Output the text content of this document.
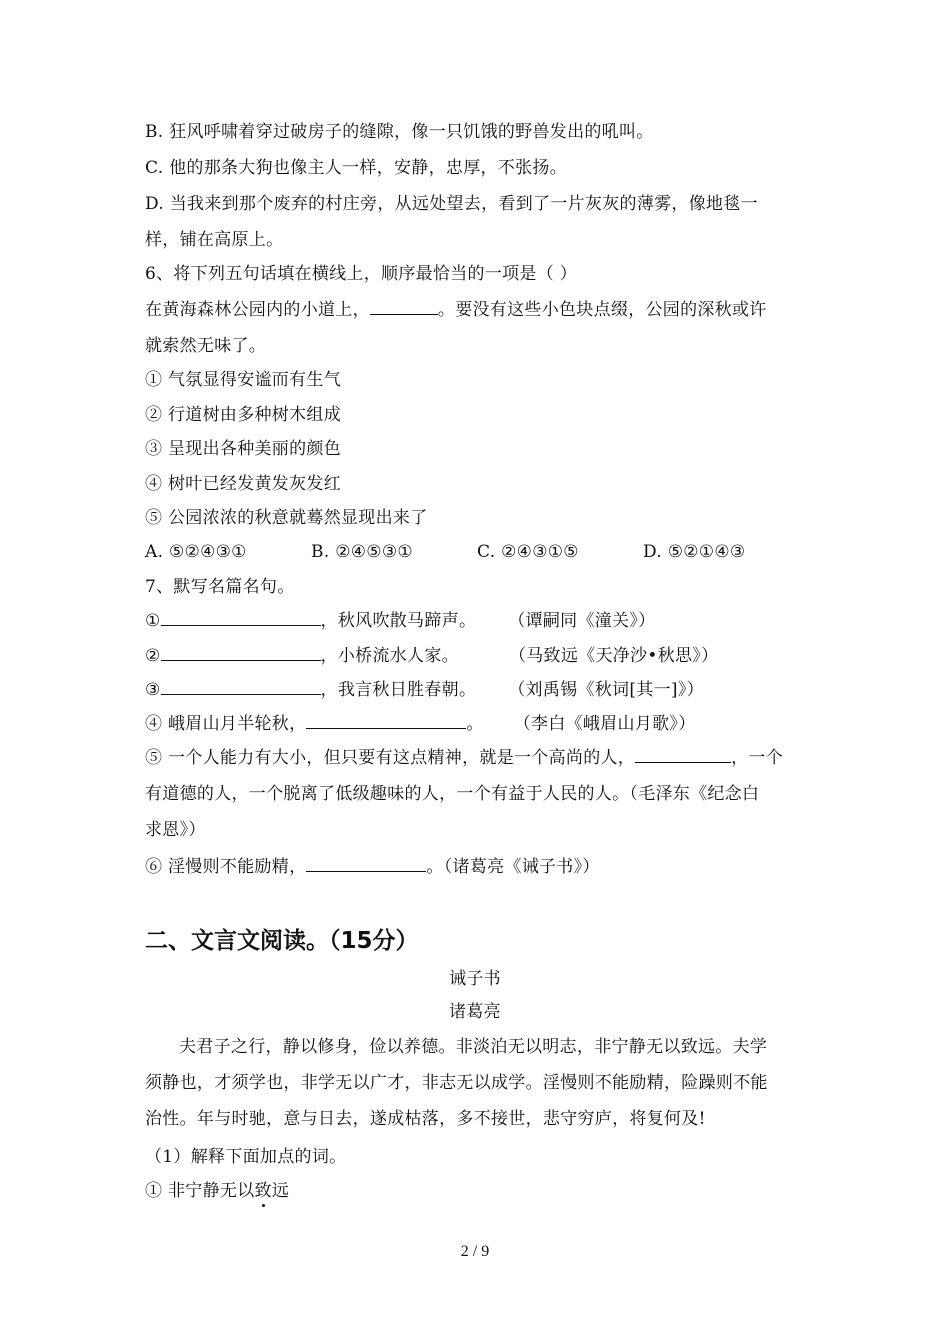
B. 狂风呼啸着穿过破房子的缝隙，像一只饥饿的野兽发出的吼叫。
C. 他的那条大狗也像主人一样，安静，忠厚，不张扬。
D. 当我来到那个废弃的村庄旁，从远处望去，看到了一片灰灰的薄雾，像地毯一
样，铺在高原上。
6、将下列五句话填在横线上，顺序最恰当的一项是（ ）
在黄海森林公园内的小道上，	。要没有这些小色块点缀，公园的深秋或许
就索然无味了。
① 气氛显得安谧而有生气
② 行道树由多种树木组成
③ 呈现出各种美丽的颜色
④ 树叶已经发黄发灰发红
⑤ 公园浓浓的秋意就蓦然显现出来了
A. ⑤②④③①	B. ②④⑤③①	C. ②④③①⑤	D. ⑤②①④③
7、默写名篇名句。
①	，秋风吹散马蹄声。 （谭嗣同《潼关》）
②	，小桥流水人家。	（马致远《天净沙•秋思》）
③	，我言秋日胜春朝。 （刘禹锡《秋词[其一]》）
④ 峨眉山月半轮秋，	。 （李白《峨眉山月歌》）
⑤ 一个人能力有大小，但只要有这点精神，就是一个高尚的人，	，一个
有道德的人，一个脱离了低级趣味的人，一个有益于人民的人。（毛泽东《纪念白
求恩》）
⑥ 淫慢则不能励精，	。（诸葛亮《诫子书》）
二、文言文阅读。（15分）
诫子书
诸葛亮
夫君子之行，静以修身，俭以养德。非淡泊无以明志，非宁静无以致远。夫学
须静也，才须学也，非学无以广才，非志无以成学。淫慢则不能励精，险躁则不能
治性。年与时驰，意与日去，遂成枯落，多不接世，悲守穷庐，将复何及!
（1）解释下面加点的词。
① 非宁静无以致远
2 / 9
